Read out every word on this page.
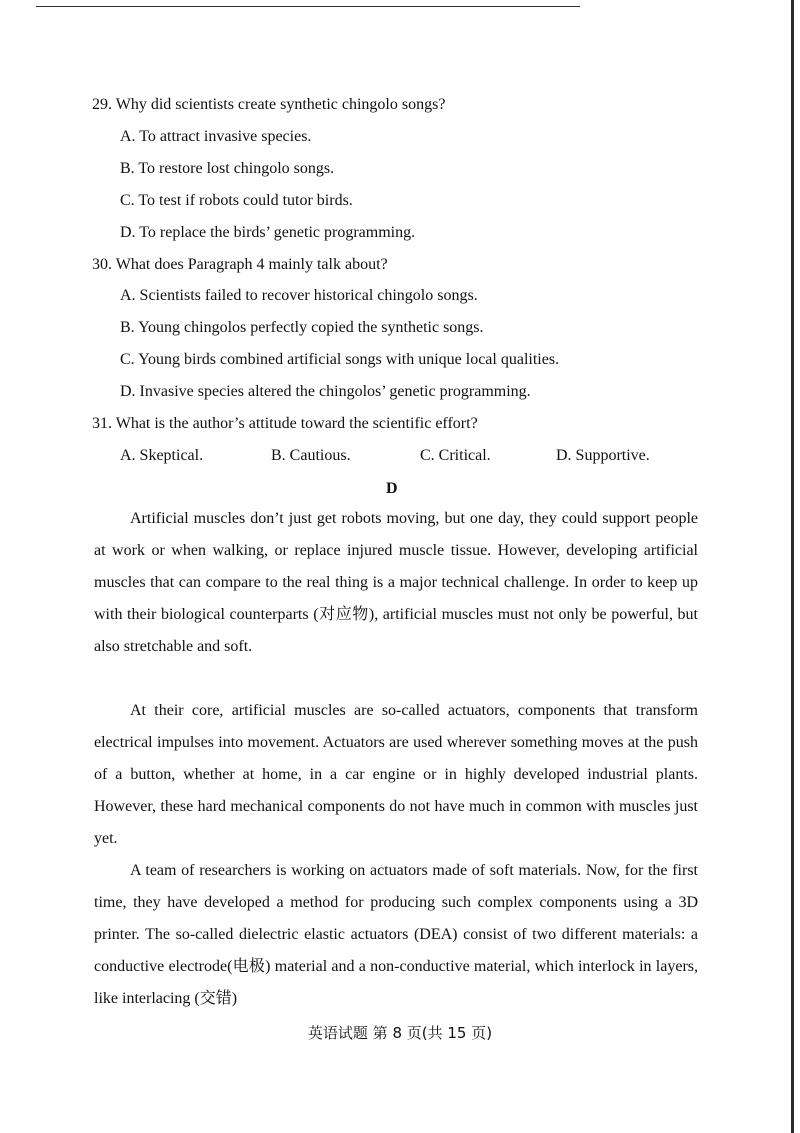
29. Why did scientists create synthetic chingolo songs?
A. To attract invasive species.
B. To restore lost chingolo songs.
C. To test if robots could tutor birds.
D. To replace the birds’ genetic programming.
30. What does Paragraph 4 mainly talk about?
A. Scientists failed to recover historical chingolo songs.
B. Young chingolos perfectly copied the synthetic songs.
C. Young birds combined artificial songs with unique local qualities.
D. Invasive species altered the chingolos’ genetic programming.
31. What is the author’s attitude toward the scientific effort?
A. Skeptical.	B. Cautious.	C. Critical.	D. Supportive.
D

Artificial muscles don’t just get robots moving, but one day, they could support people at work or when walking, or replace injured muscle tissue. However, developing artificial muscles that can compare to the real thing is a major technical challenge. In order to keep up with their biological counterparts (对应物), artificial muscles must not only be powerful, but also stretchable and soft.

At their core, artificial muscles are so-called actuators, components that transform electrical impulses into movement. Actuators are used wherever something moves at the push of a button, whether at home, in a car engine or in highly developed industrial plants. However, these hard mechanical components do not have much in common with muscles just yet.

A team of researchers is working on actuators made of soft materials. Now, for the first time, they have developed a method for producing such complex components using a 3D printer. The so-called dielectric elastic actuators (DEA) consist of two different materials: a conductive electrode(电极) material and a non-conductive material, which interlock in layers, like interlacing (交错)

英语试题 第 8 页(共 15 页)
